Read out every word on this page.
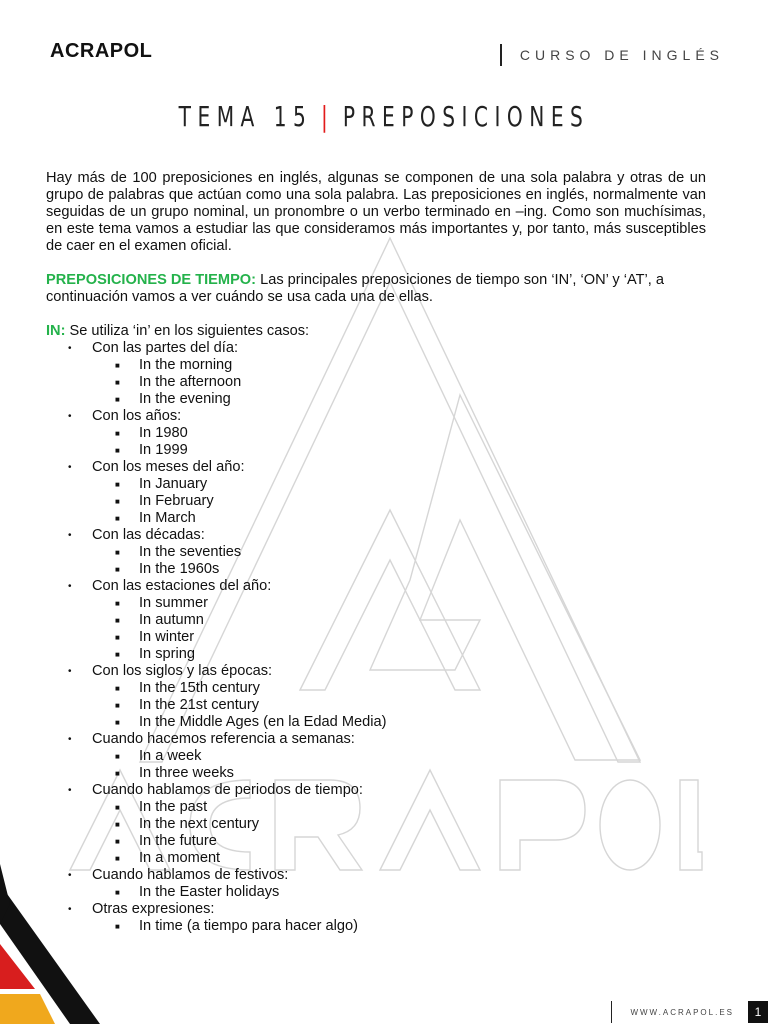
ACRAPOL	CURSO DE INGLÉS
TEMA 15 | PREPOSICIONES

Hay más de 100 preposiciones en inglés, algunas se componen de una sola palabra y otras de un grupo de palabras que actúan como una sola palabra. Las preposiciones en inglés, normalmente van seguidas de un grupo nominal, un pronombre o un verbo terminado en –ing. Como son muchísimas, en este tema vamos a estudiar las que consideramos más importantes y, por tanto, más susceptibles de caer en el examen oficial.

PREPOSICIONES DE TIEMPO: Las principales preposiciones de tiempo son ‘IN’, ‘ON’ y ‘AT’, a continuación vamos a ver cuándo se usa cada una de ellas.

IN: Se utiliza ‘in’ en los siguientes casos:
• Con las partes del día:
■ In the morning
■ In the afternoon
■ In the evening
• Con los años:
■ In 1980
■ In 1999
• Con los meses del año:
■ In January
■ In February
■ In March
• Con las décadas:
■ In the seventies
■ In the 1960s
• Con las estaciones del año:
■ In summer
■ In autumn
■ In winter
■ In spring
• Con los siglos y las épocas:
■ In the 15th century
■ In the 21st century
■ In the Middle Ages (en la Edad Media)
• Cuando hacemos referencia a semanas:
■ In a week
■ In three weeks
• Cuando hablamos de periodos de tiempo:
■ In the past
■ In the next century
■ In the future
■ In a moment
• Cuando hablamos de festivos:
■ In the Easter holidays
• Otras expresiones:
■ In time (a tiempo para hacer algo)
WWW.ACRAPOL.ES	1
